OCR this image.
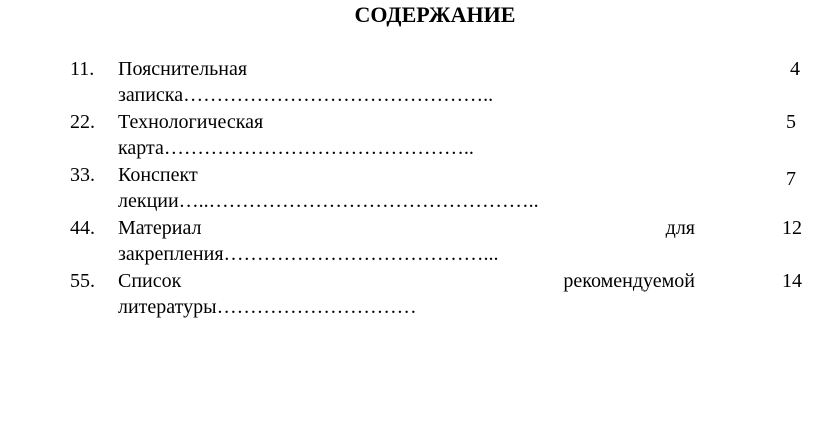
СОДЕРЖАНИЕ
11. Пояснительная
записка………………………………………..
4
22. Технологическая
карта………………………………………..
5
33. Конспект
лекции…..…………………………………………..
7
44. Материал	для
закрепления…………………………………...
12
55. Список	рекомендуемой
литературы…………………………
14
